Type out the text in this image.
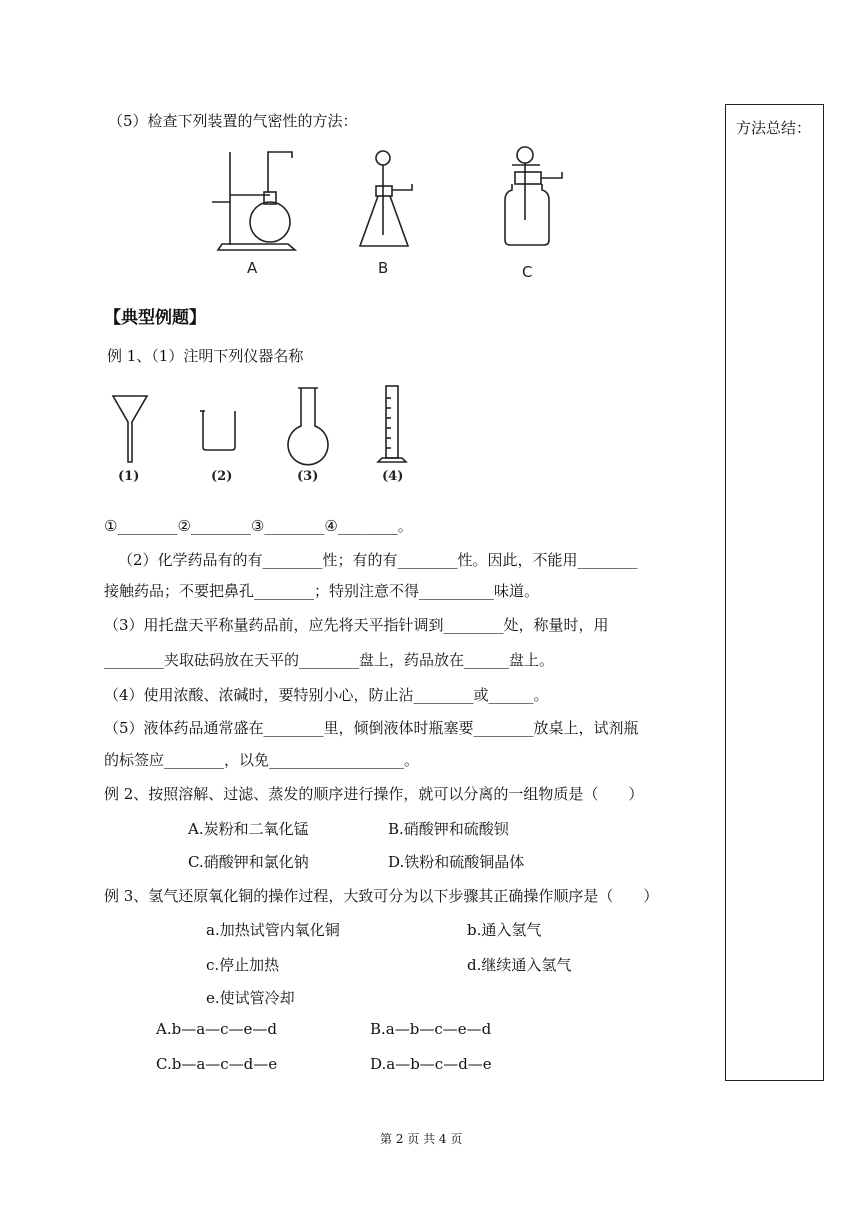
方法总结：
（5）检查下列装置的气密性的方法：
A	B	C
【典型例题】
例 1、（1）注明下列仪器名称
(1)	(2)	(3)	(4)
①________②________③________④________。
（2）化学药品有的有________性；有的有________性。因此，不能用________
接触药品；不要把鼻孔________；特别注意不得__________味道。
（3）用托盘天平称量药品前，应先将天平指针调到________处，称量时，用
________夹取砝码放在天平的________盘上，药品放在______盘上。
（4）使用浓酸、浓碱时，要特别小心，防止沾________或______。
（5）液体药品通常盛在________里，倾倒液体时瓶塞要________放桌上，试剂瓶
的标签应________，以免__________________。
例 2、按照溶解、过滤、蒸发的顺序进行操作，就可以分离的一组物质是（　　）
A.炭粉和二氧化锰	B.硝酸钾和硫酸钡
C.硝酸钾和氯化钠	D.铁粉和硫酸铜晶体
例 3、氢气还原氧化铜的操作过程，大致可分为以下步骤其正确操作顺序是（　　）
a.加热试管内氧化铜	b.通入氢气
c.停止加热	d.继续通入氢气
e.使试管冷却
A.b—a—c—e—d	B.a—b—c—e—d
C.b—a—c—d—e	D.a—b—c—d—e
第 2 页 共 4 页
